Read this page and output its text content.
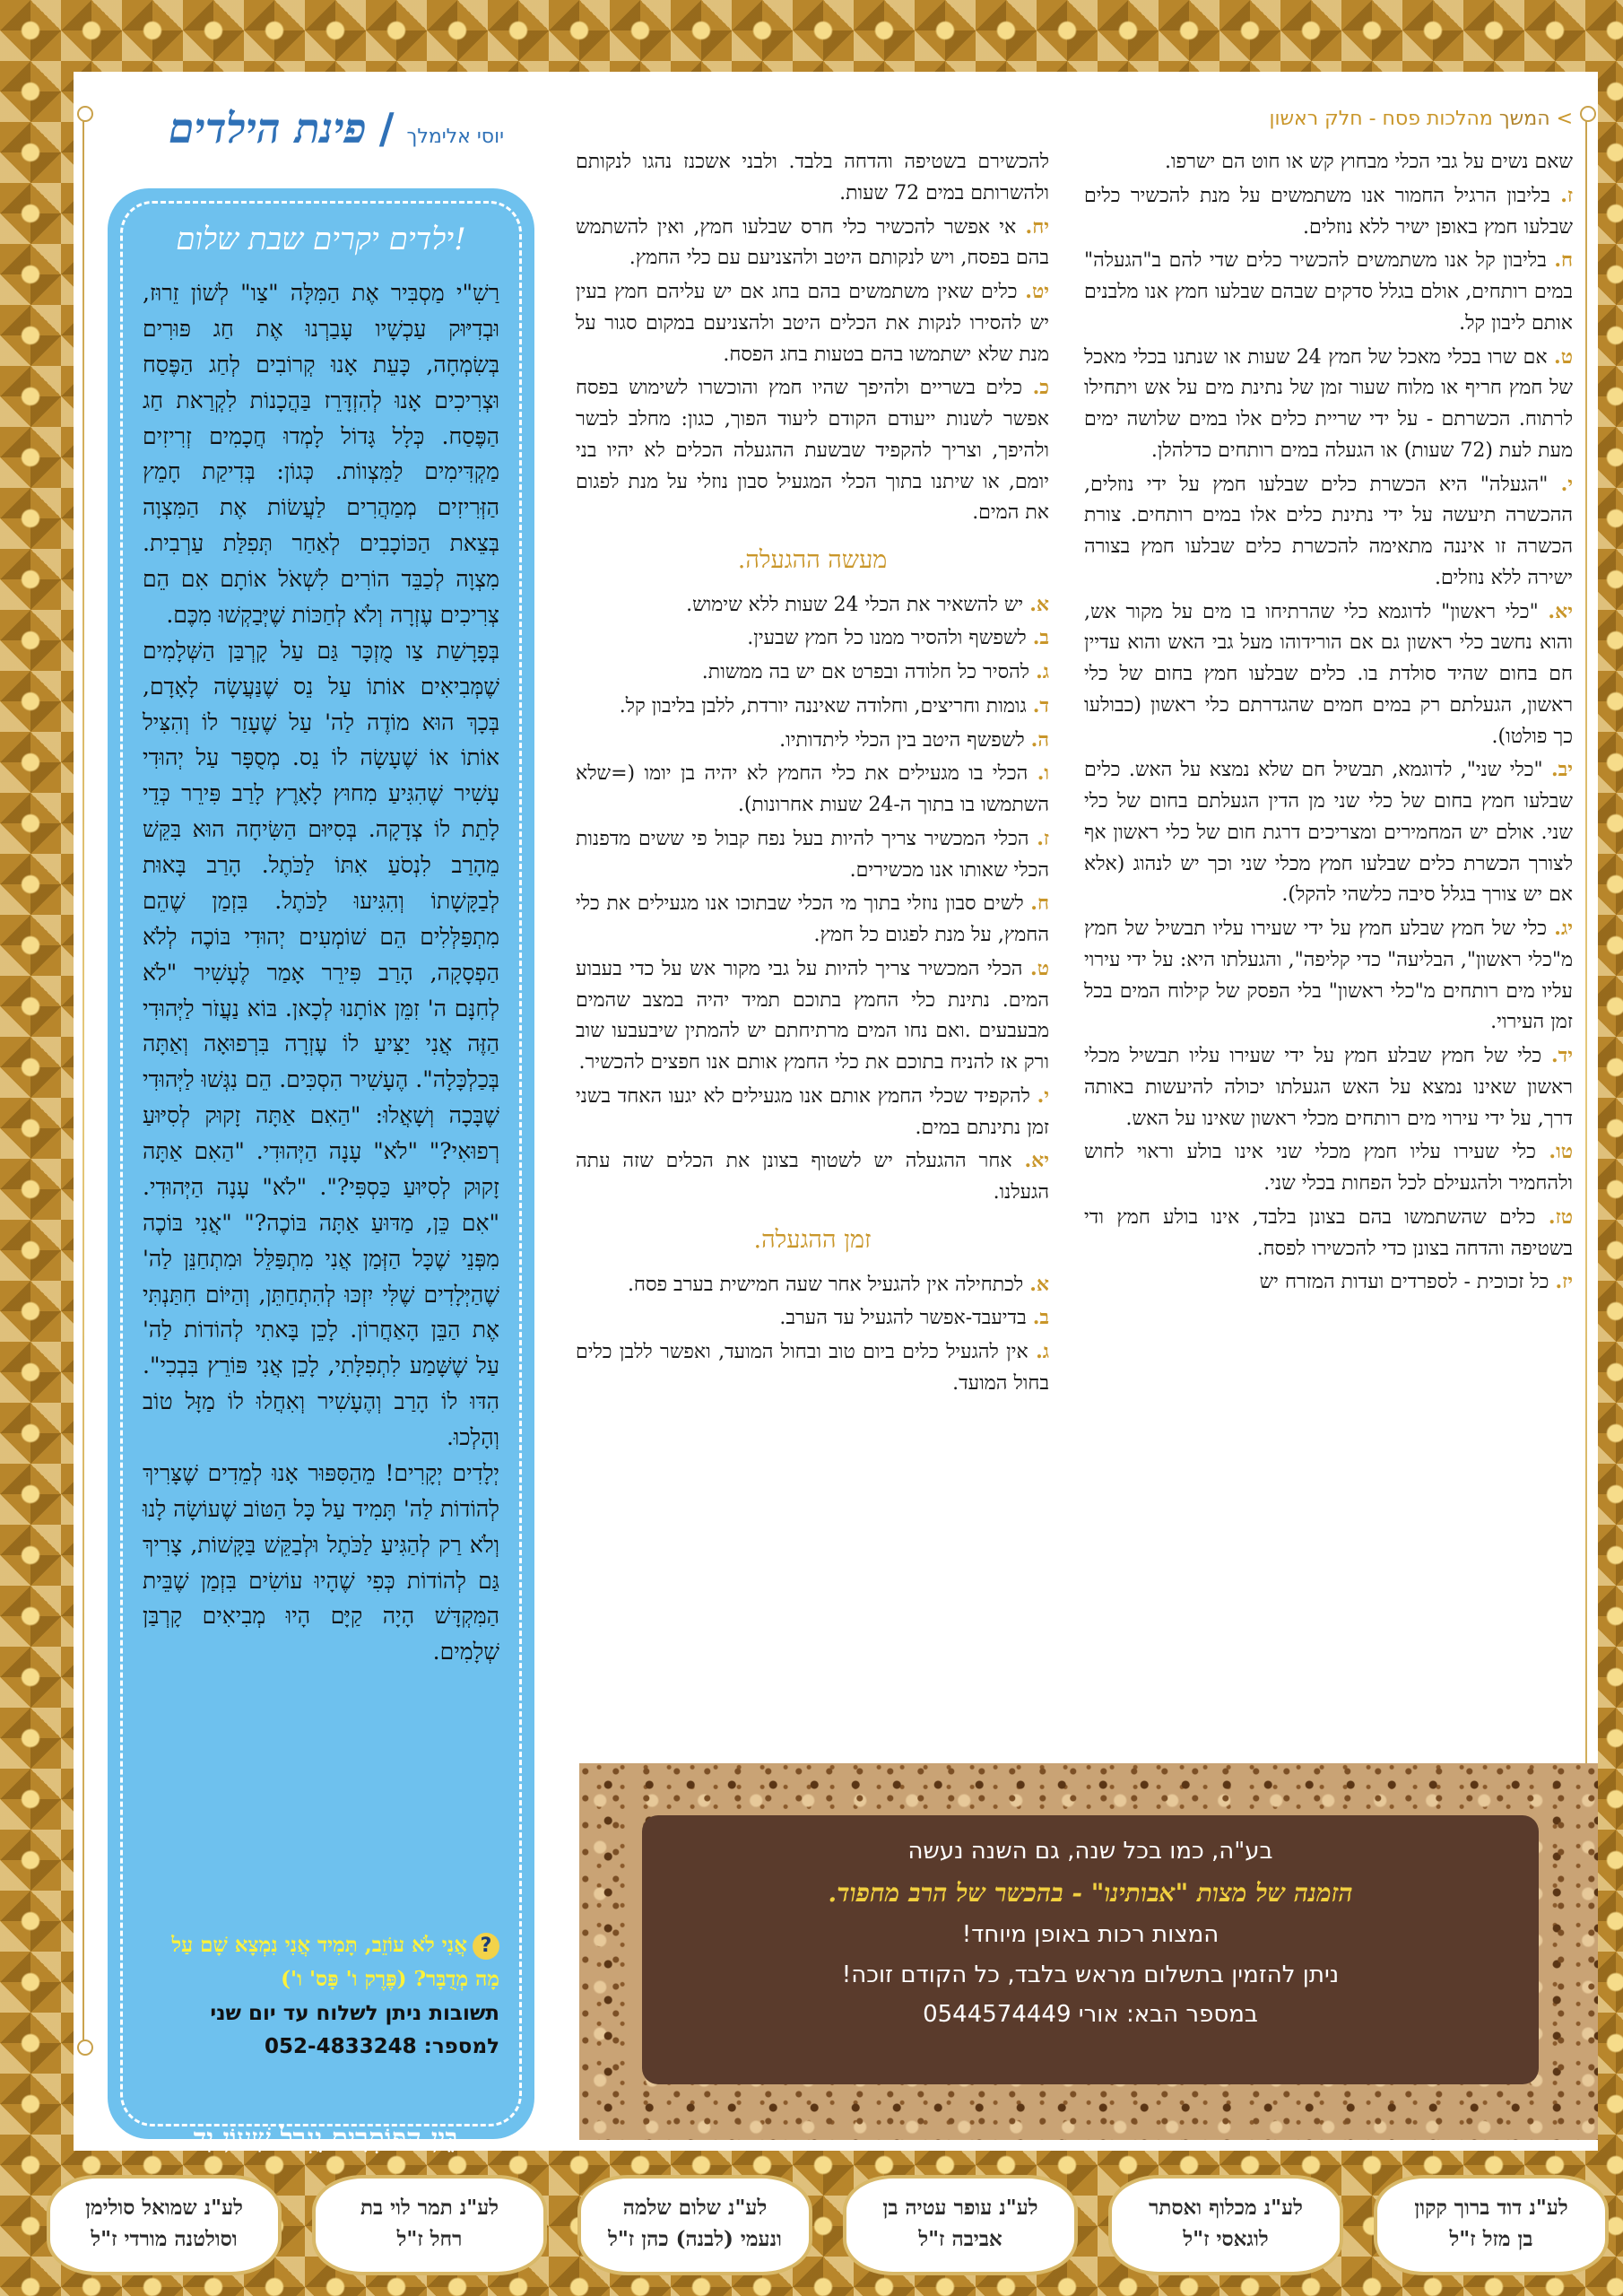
> המשך מהלכות פסח - חלק ראשון

שאם נשים על גבי הכלי מבחוץ קש או חוט הם ישרפו.

ז. בליבון הרגיל החמור אנו משתמשים על מנת להכשיר כלים שבלעו חמץ באופן ישיר ללא נוזלים.

ח. בליבון קל אנו משתמשים להכשיר כלים שדי להם ב"הגעלה" במים רותחים, אולם בגלל סדקים שבהם שבלעו חמץ אנו מלבנים אותם ליבון קל.

ט. אם שרו בכלי מאכל של חמץ 24 שעות או שנתנו בכלי מאכל של חמץ חריף או מלוח שעור זמן של נתינת מים על אש ויתחילו לרתוח. הכשרתם - על ידי שריית כלים אלו במים שלושה ימים מעת לעת (72 שעות) או הגעלה במים רותחים כדלהלן.

י. "הגעלה" היא הכשרת כלים שבלעו חמץ על ידי נוזלים, ההכשרה תיעשה על ידי נתינת כלים אלו במים רותחים. צורת הכשרה זו איננה מתאימה להכשרת כלים שבלעו חמץ בצורה ישירה ללא נוזלים.

יא. "כלי ראשון" לדוגמא כלי שהרתיחו בו מים על מקור אש, והוא נחשב כלי ראשון גם אם הורידוהו מעל גבי האש והוא עדיין חם בחום שהיד סולדת בו. כלים שבלעו חמץ בחום של כלי ראשון, הגעלתם רק במים חמים שהגדרתם כלי ראשון (כבולעו כך פולטו).

יב. "כלי שני", לדוגמא, תבשיל חם שלא נמצא על האש. כלים שבלעו חמץ בחום של כלי שני מן הדין הגעלתם בחום של כלי שני. אולם יש המחמירים ומצריכים דרגת חום של כלי ראשון אף לצורך הכשרת כלים שבלעו חמץ מכלי שני וכך יש לנהוג (אלא אם יש צורך בגלל סיבה כלשהי להקל).

יג. כלי של חמץ שבלע חמץ על ידי שעירו עליו תבשיל של חמץ מ"כלי ראשון", הבליעה" כדי קליפה", והגעלתו היא: על ידי עירוי עליו מים רותחים מ"כלי ראשון" בלי הפסק של קילוח המים בכל זמן העירוי.

יד. כלי של חמץ שבלע חמץ על ידי שעירו עליו תבשיל מכלי ראשון שאינו נמצא על האש הגעלתו יכולה להיעשות באותה דרך, על ידי עירוי מים רותחים מכלי ראשון שאינו על האש.

טו. כלי שעירו עליו חמץ מכלי שני אינו בולע וראוי לחוש ולהחמיר ולהגעילם לכל הפחות בכלי שני.

טז. כלים שהשתמשו בהם בצונן בלבד, אינו בולע חמץ ודי בשטיפה והדחה בצונן כדי להכשירו לפסח.

יז. כל זכוכית - לספרדים ועדות המזרח יש

להכשירם בשטיפה והדחה בלבד. ולבני אשכנז נהגו לנקותם ולהשרותם במים 72 שעות.

יח. אי אפשר להכשיר כלי חרס שבלעו חמץ, ואין להשתמש בהם בפסח, ויש לנקותם היטב ולהצניעם עם כלי החמץ.

יט. כלים שאין משתמשים בהם בחג אם יש עליהם חמץ בעין יש להסירו לנקות את הכלים היטב ולהצניעם במקום סגור על מנת שלא ישתמשו בהם בטעות בחג הפסח.

כ. כלים בשריים ולהיפך שהיו חמץ והוכשרו לשימוש בפסח אפשר לשנות ייעודם הקודם ליעוד הפוך, כגון: מחלב לבשר ולהיפך, וצריך להקפיד שבשעת ההגעלה הכלים לא יהיו בני יומם, או שיתנו בתוך הכלי המגעיל סבון נוזלי על מנת לפגום את המים.

מעשה ההגעלה.

א. יש להשאיר את הכלי 24 שעות ללא שימוש.

ב. לשפשף ולהסיר ממנו כל חמץ שבעין.

ג. להסיר כל חלודה ובפרט אם יש בה ממשות.

ד. גומות וחריצים, וחלודה שאיננה יורדת, ללבן בליבון קל.

ה. לשפשף היטב בין הכלי ליתדותיו.

ו. הכלי בו מגעילים את כלי החמץ לא יהיה בן יומו (=שלא השתמשו בו בתוך ה-24 שעות אחרונות).

ז. הכלי המכשיר צריך להיות בעל נפח קבול פי ששים מדפנות הכלי שאותו אנו מכשירים.

ח. לשים סבון נוזלי בתוך מי הכלי שבתוכו אנו מגעילים את כלי החמץ, על מנת לפגום כל חמץ.

ט. הכלי המכשיר צריך להיות על גבי מקור אש על כדי בעבוע המים. נתינת כלי החמץ בתוכם תמיד יהיה במצב שהמים מבעבעים .ואם נחו המים מרתיחתם יש להמתין שיבעבעו שוב ורק אז להניח בתוכם את כלי החמץ אותם אנו חפצים להכשיר.

י. להקפיד שכלי החמץ אותם אנו מגעילים לא יגעו האחד בשני זמן נתינתם במים.

יא. אחר ההגעלה יש לשטוף בצונן את הכלים שזה עתה הגעלנו.

זמן ההגעלה.

א. לכתחילה אין להגעיל אחר שעה חמישית בערב פסח.

ב. בדיעבד-אפשר להגעיל עד הערב.

ג. אין להגעיל כלים ביום טוב ובחול המועד, ואפשר ללבן כלים בחול המועד.

יוסי אלימלך
/
פינת הילדים
ילדים יקרים שבת שלום!

רַשִׁ"י מַסְבִּיר אֶת הַמִּלָּה "צַו" לְשׁוֹן זֵרוּז, וּבְדִיּוּק עַכְשָׁיו עָבַרְנוּ אֶת חַג פּוּרִים בְּשִׂמְחָה, כָּעֵת אָנוּ קְרוֹבִים לְחַג הַפֶּסַח וּצְרִיכִים אָנוּ לְהִזְדָּרֵז בַּהֲכָנוֹת לִקְרַאת חַג הַפֶּסַח. כְּלָל גָּדוֹל לָמְדוּ חֲכָמִים זְרִיזִים מַקְדִּימִים לַמִּצְווֹת. כְּגוֹן: בְּדִיקַת חָמֵץ הַזְּרִיזִים מְמַהֲרִים לַעֲשׂוֹת אֶת הַמִּצְוָה בְּצֵאת הַכּוֹכָבִים לְאַחַר תְּפִלַּת עַרְבִית. מִצְוָה לְכַבֵּד הוֹרִים לִשְׁאֹל אוֹתָם אִם הֵם צְרִיכִים עֶזְרָה וְלֹא לְחַכּוֹת שֶׁיְּבַקְשׁוּ מִכֶּם.

בְּפָרָשַׁת צַו מֻזְכָּר גַּם עַל קָרְבַּן הַשְּׁלָמִים שֶׁמְּבִיאִים אוֹתוֹ עַל נֵס שֶׁנַּעֲשָׂה לָאָדָם, בְּכָךְ הוּא מוֹדֶה לַה' עַל שֶׁעָזַר לוֹ וְהִצִּיל אוֹתוֹ אוֹ שֶׁעָשָׂה לוֹ נֵס. מְסֻפָּר עַל יְהוּדִי עָשִׁיר שֶׁהִגִּיעַ מִחוּץ לָאָרֶץ לָרַב פִּירֵר כְּדֵי לָתֵת לוֹ צְדָקָה. בְּסִיּוּם הַשִּׂיחָה הוּא בִּקֵּשׁ מֵהָרַב לִנְסֹעַ אִתּוֹ לַכֹּתֶל. הָרַב בָּאוּת לְבַקָּשָׁתוֹ וְהִגִּיעוּ לַכֹּתֶל. בִּזְמַן שֶׁהֵם מִתְפַּלְּלִים הֵם שׁוֹמְעִים יְהוּדִי בּוֹכֶה לְלֹא הַפְסָקָה, הָרַב פִּירֵר אָמַר לֶעָשִׁיר "לֹא לְחִנָּם ה' זִמֵּן אוֹתָנוּ לְכָאן. בּוֹא נַעֲזֹר לַיְּהוּדִי הַזֶּה אֲנִי יַצִּיעַ לוֹ עֶזְרָה בִּרְפוּאָה וְאַתָּה בְּכַלְכָּלָה". הֶעָשִׁיר הִסְכִּים. הֵם נִגְּשׁוּ לַיְּהוּדִי שֶׁבָּכָה וְשָׁאֲלוּ: "הַאִם אַתָּה זָקוּק לְסִיּוּעַ רְפוּאִי?" "לֹא" עָנָה הַיְּהוּדִי. "הַאִם אַתָּה זָקוּק לְסִיּוּעַ כַּסְפִּי?". "לֹא" עָנָה הַיְּהוּדִי. "אִם כֵּן, מַדּוּעַ אַתָּה בּוֹכֶה?" "אֲנִי בּוֹכֶה מִפְּנֵי שֶׁכָּל הַזְּמַן אֲנִי מִתְפַּלֵּל וּמִתְחַנֵּן לַה' שֶׁהַיְּלָדִים שֶׁלִּי יִזְכּוּ לְהִתְחַתֵּן, וְהַיּוֹם חִתַּנְתִּי אֶת הַבֵּן הָאַחֲרוֹן. לָכֵן בָּאתִי לְהוֹדוֹת לַה' עַל שֶׁשָּׁמַע לִתְפִלָּתִי, לָכֵן אֲנִי פּוֹרֵץ בִּבְכִי". הִדּוּ לוֹ הָרַב וְהֶעָשִׁיר וְאִחֲלוּ לוֹ מַזָּל טוֹב וְהָלְכוּ.

יְלָדִים יְקָרִים! מֵהַסִּפּוּר אָנוּ לְמֵדִים שֶׁצָּרִיךְ לְהוֹדוֹת לַה' תָּמִיד עַל כָּל הַטּוֹב שֶׁעוֹשָׂה לָנוּ וְלֹא רַק לְהַגִּיעַ לַכֹּתֶל וּלְבַקֵּשׁ בַּקָּשׁוֹת, צָרִיךְ גַּם לְהוֹדוֹת כְּפִי שֶׁהָיוּ עוֹשִׂים בִּזְמַן שֶׁבֵּית הַמִּקְדָּשׁ הָיָה קַיָּם הָיוּ מְבִיאִים קָרְבַּן שְׁלָמִים.

?אֲנִי לֹא עוֹזֵב, תָּמִיד אֲנִי נִמְצָא שָׁם עַל מָה מְדֻבָּר? (פֶּרֶק ו' פָּס' ו')
תשובות ניתן לשלוח עד יום שני
למספר: 052-4833248
בֵּין הַפּוֹתְרִים יֻגְרַל שָׁעוֹן יָד.
בע"ה, כמו בכל שנה, גם השנה נעשה
הזמנה של מצות "אבותינו" - בהכשר של הרב מחפוד.
המצות רכות באופן מיוחד!
ניתן להזמין בתשלום מראש בלבד, כל הקודם זוכה!
במספר הבא: אורי 0544574449
לע"נ דוד ברוך קקון
בן מזל ז"ל
לע"נ מכלוף ואסתר
לוגאסי ז"ל
לע"נ עופר עטיה בן
אביבה ז"ל
לע"נ שלום שלמה
ונעמי (לבנה) כהן ז"ל
לע"נ תמר לוי בת
רחל ז"ל
לע"נ שמואל סולימן
וסולטנה מורדי ז"ל
